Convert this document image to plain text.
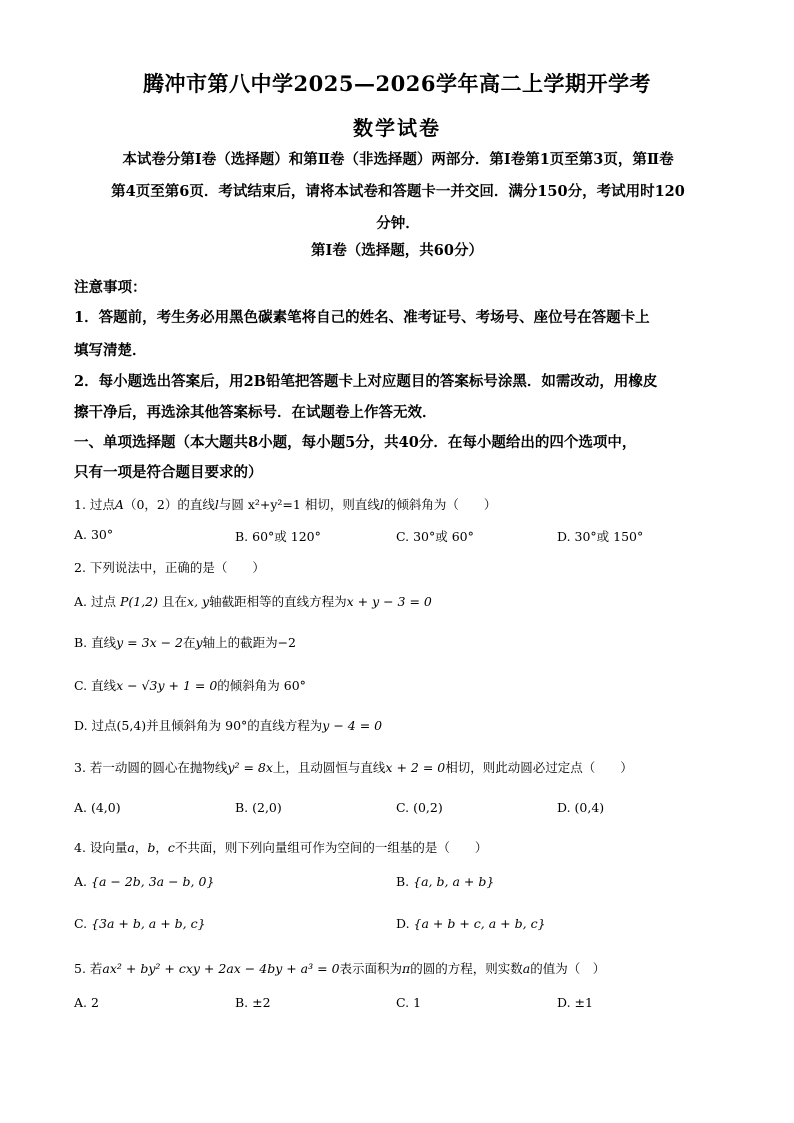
腾冲市第八中学2025—2026学年高二上学期开学考
数学试卷
本试卷分第Ⅰ卷（选择题）和第Ⅱ卷（非选择题）两部分．第Ⅰ卷第1页至第3页，第Ⅱ卷
第4页至第6页．考试结束后，请将本试卷和答题卡一并交回．满分150分，考试用时120
分钟．
第Ⅰ卷（选择题，共60分）
注意事项：
1．答题前，考生务必用黑色碳素笔将自己的姓名、准考证号、考场号、座位号在答题卡上
填写清楚．
2．每小题选出答案后，用2B铅笔把答题卡上对应题目的答案标号涂黑．如需改动，用橡皮
擦干净后，再选涂其他答案标号．在试题卷上作答无效．
一、单项选择题（本大题共8小题，每小题5分，共40分．在每小题给出的四个选项中，
只有一项是符合题目要求的）
1. 过点A（0，2）的直线l与圆 x²+y²=1 相切，则直线l的倾斜角为（　　）
A. 30°	B. 60°或 120°	C. 30°或 60°	D. 30°或 150°
2. 下列说法中，正确的是（　　）
A. 过点 P(1,2) 且在x, y轴截距相等的直线方程为x + y − 3 = 0
B. 直线y = 3x − 2在y轴上的截距为−2
C. 直线x − √3y + 1 = 0的倾斜角为 60°
D. 过点(5,4)并且倾斜角为 90°的直线方程为y − 4 = 0
3. 若一动圆的圆心在抛物线y² = 8x上，且动圆恒与直线x + 2 = 0相切，则此动圆必过定点（　　）
A. (4,0)	B. (2,0)	C. (0,2)	D. (0,4)
4. 设向量a，b，c不共面，则下列向量组可作为空间的一组基的是（　　）
A. {a − 2b, 3a − b, 0}	B. {a, b, a + b}
C. {3a + b, a + b, c}	D. {a + b + c, a + b, c}
5. 若ax² + by² + cxy + 2ax − 4by + a³ = 0表示面积为π的圆的方程，则实数a的值为（　）
A. 2	B. ±2	C. 1	D. ±1
